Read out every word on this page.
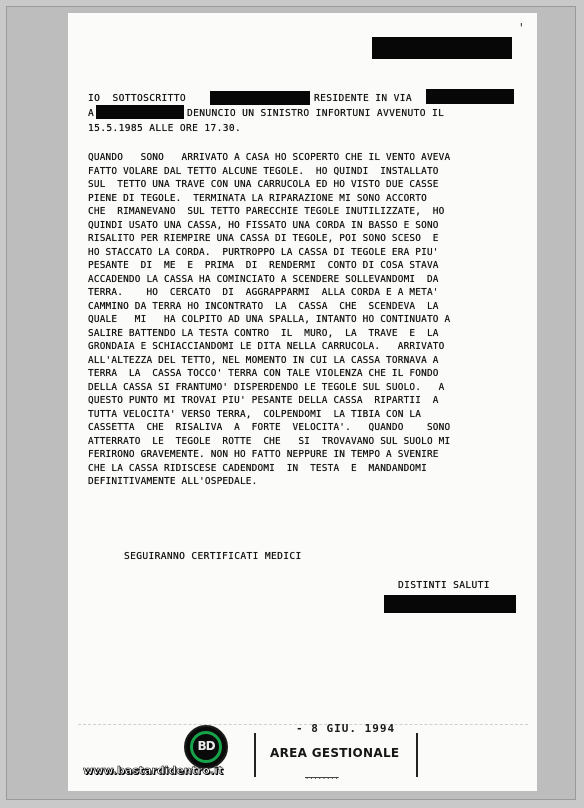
'
IO  SOTTOSCRITTO	RESIDENTE IN VIA
A	DENUNCIO UN SINISTRO INFORTUNI AVVENUTO IL
15.5.1985 ALLE ORE 17.30.
QUANDO   SONO   ARRIVATO A CASA HO SCOPERTO CHE IL VENTO AVEVA
FATTO VOLARE DAL TETTO ALCUNE TEGOLE.  HO QUINDI  INSTALLATO
SUL  TETTO UNA TRAVE CON UNA CARRUCOLA ED HO VISTO DUE CASSE
PIENE DI TEGOLE.  TERMINATA LA RIPARAZIONE MI SONO ACCORTO
CHE  RIMANEVANO  SUL TETTO PARECCHIE TEGOLE INUTILIZZATE,  HO
QUINDI USATO UNA CASSA, HO FISSATO UNA CORDA IN BASSO E SONO
RISALITO PER RIEMPIRE UNA CASSA DI TEGOLE, POI SONO SCESO  E
HO STACCATO LA CORDA.  PURTROPPO LA CASSA DI TEGOLE ERA PIU'
PESANTE  DI  ME  E  PRIMA  DI  RENDERMI  CONTO DI COSA STAVA
ACCADENDO LA CASSA HA COMINCIATO A SCENDERE SOLLEVANDOMI  DA
TERRA.    HO  CERCATO  DI  AGGRAPPARMI  ALLA CORDA E A META'
CAMMINO DA TERRA HO INCONTRATO  LA  CASSA  CHE  SCENDEVA  LA
QUALE   MI   HA COLPITO AD UNA SPALLA, INTANTO HO CONTINUATO A
SALIRE BATTENDO LA TESTA CONTRO  IL  MURO,  LA  TRAVE  E  LA
GRONDAIA E SCHIACCIANDOMI LE DITA NELLA CARRUCOLA.   ARRIVATO
ALL'ALTEZZA DEL TETTO, NEL MOMENTO IN CUI LA CASSA TORNAVA A
TERRA  LA  CASSA TOCCO' TERRA CON TALE VIOLENZA CHE IL FONDO
DELLA CASSA SI FRANTUMO' DISPERDENDO LE TEGOLE SUL SUOLO.   A
QUESTO PUNTO MI TROVAI PIU' PESANTE DELLA CASSA  RIPARTII  A
TUTTA VELOCITA' VERSO TERRA,  COLPENDOMI  LA TIBIA CON LA
CASSETTA  CHE  RISALIVA  A  FORTE  VELOCITA'.   QUANDO    SONO
ATTERRATO  LE  TEGOLE  ROTTE  CHE   SI  TROVAVANO SUL SUOLO MI
FERIRONO GRAVEMENTE. NON HO FATTO NEPPURE IN TEMPO A SVENIRE
CHE LA CASSA RIDISCESE CADENDOMI  IN  TESTA  E  MANDANDOMI
DEFINITIVAMENTE ALL'OSPEDALE.
SEGUIRANNO CERTIFICATI MEDICI
DISTINTI SALUTI
- 8 GIU. 1994
AREA GESTIONALE
........
BD
www.bastardidentro.it
